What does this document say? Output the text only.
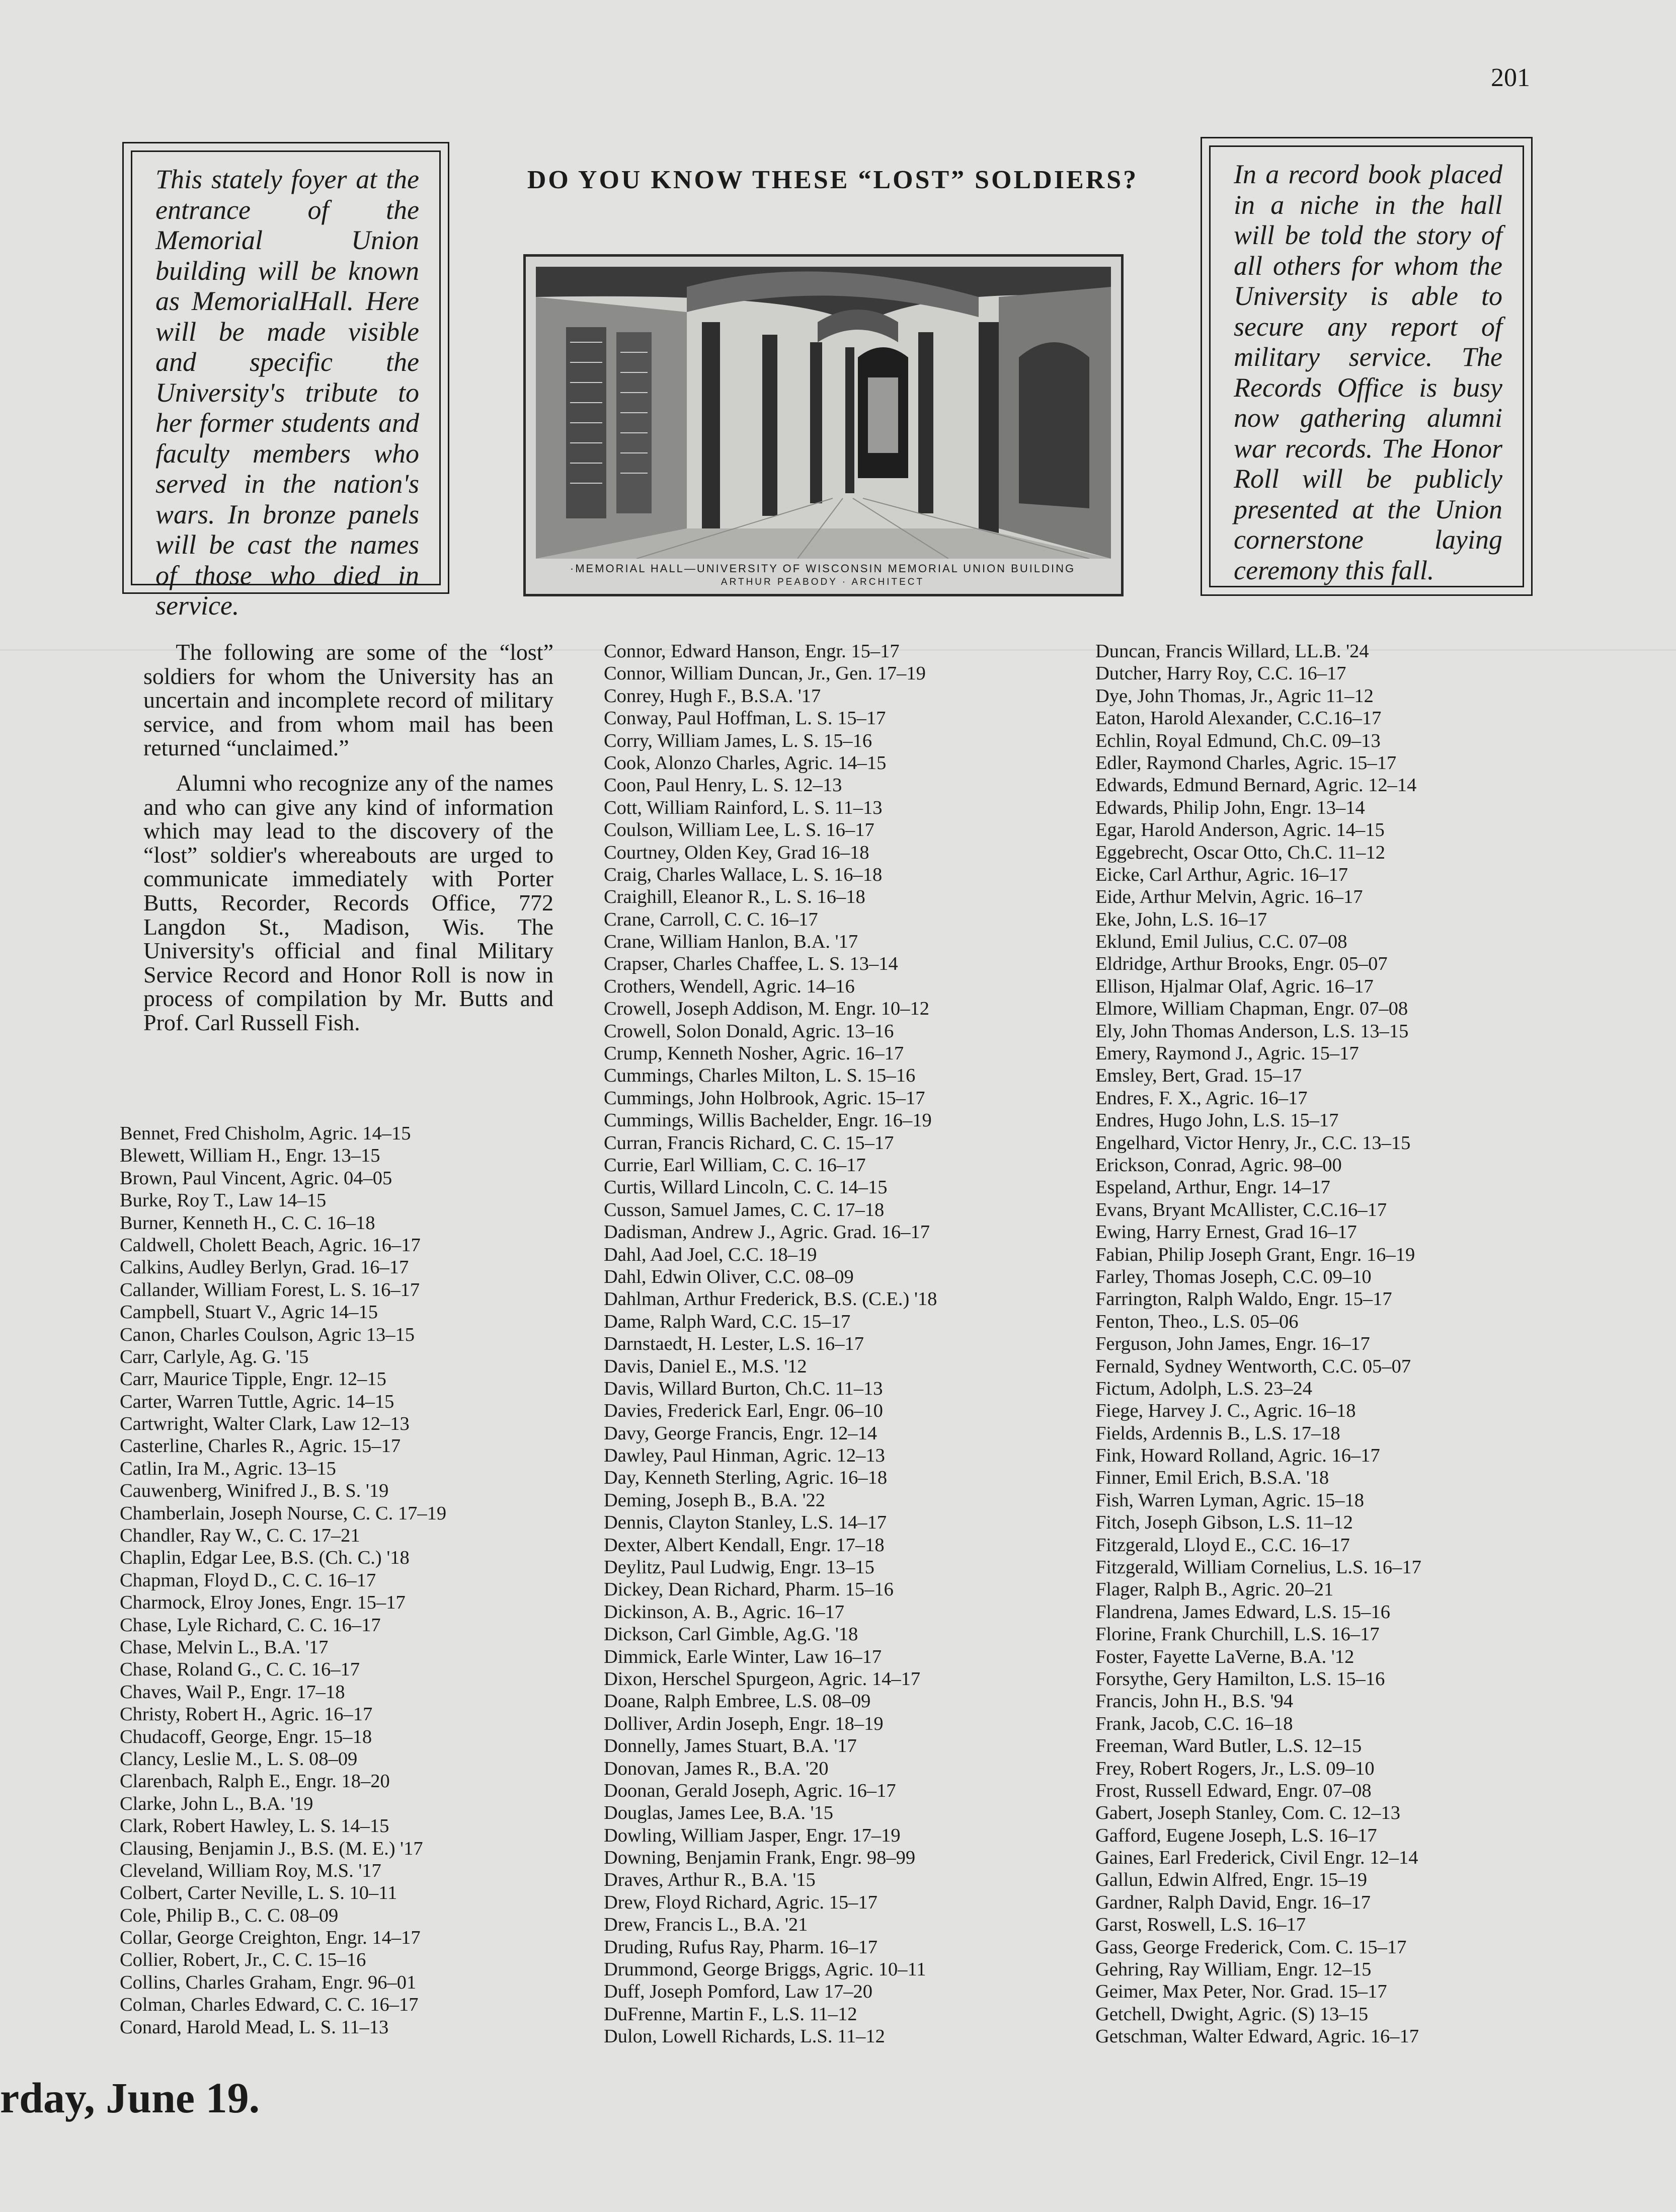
201
This stately foyer at the entrance of the Memorial Union building will be known as MemorialHall. Here will be made visible and specific the University's tribute to her former students and faculty members who served in the nation's wars. In bronze panels will be cast the names of those who died in service.
DO YOU KNOW THESE “LOST” SOLDIERS?
·MEMORIAL HALL—UNIVERSITY OF WISCONSIN MEMORIAL UNION BUILDING
ARTHUR PEABODY · ARCHITECT
In a record book placed in a niche in the hall will be told the story of all others for whom the University is able to secure any report of military service. The Records Office is busy now gathering alumni war records. The Honor Roll will be publicly presented at the Union cornerstone laying ceremony this fall.

The following are some of the “lost” soldiers for whom the University has an uncertain and incomplete record of military service, and from whom mail has been returned “unclaimed.”

Alumni who recognize any of the names and who can give any kind of information which may lead to the discovery of the “lost” soldier's whereabouts are urged to communicate immediately with Porter Butts, Recorder, Records Office, 772 Langdon St., Madison, Wis. The University's official and final Military Service Record and Honor Roll is now in process of compilation by Mr. Butts and Prof. Carl Russell Fish.

Bennet, Fred Chisholm, Agric. 14–15
Blewett, William H., Engr. 13–15
Brown, Paul Vincent, Agric. 04–05
Burke, Roy T., Law 14–15
Burner, Kenneth H., C. C. 16–18
Caldwell, Cholett Beach, Agric. 16–17
Calkins, Audley Berlyn, Grad. 16–17
Callander, William Forest, L. S. 16–17
Campbell, Stuart V., Agric 14–15
Canon, Charles Coulson, Agric 13–15
Carr, Carlyle, Ag. G. '15
Carr, Maurice Tipple, Engr. 12–15
Carter, Warren Tuttle, Agric. 14–15
Cartwright, Walter Clark, Law 12–13
Casterline, Charles R., Agric. 15–17
Catlin, Ira M., Agric. 13–15
Cauwenberg, Winifred J., B. S. '19
Chamberlain, Joseph Nourse, C. C. 17–19
Chandler, Ray W., C. C. 17–21
Chaplin, Edgar Lee, B.S. (Ch. C.) '18
Chapman, Floyd D., C. C. 16–17
Charmock, Elroy Jones, Engr. 15–17
Chase, Lyle Richard, C. C. 16–17
Chase, Melvin L., B.A. '17
Chase, Roland G., C. C. 16–17
Chaves, Wail P., Engr. 17–18
Christy, Robert H., Agric. 16–17
Chudacoff, George, Engr. 15–18
Clancy, Leslie M., L. S. 08–09
Clarenbach, Ralph E., Engr. 18–20
Clarke, John L., B.A. '19
Clark, Robert Hawley, L. S. 14–15
Clausing, Benjamin J., B.S. (M. E.) '17
Cleveland, William Roy, M.S. '17
Colbert, Carter Neville, L. S. 10–11
Cole, Philip B., C. C. 08–09
Collar, George Creighton, Engr. 14–17
Collier, Robert, Jr., C. C. 15–16
Collins, Charles Graham, Engr. 96–01
Colman, Charles Edward, C. C. 16–17
Conard, Harold Mead, L. S. 11–13
Connor, Edward Hanson, Engr. 15–17
Connor, William Duncan, Jr., Gen. 17–19
Conrey, Hugh F., B.S.A. '17
Conway, Paul Hoffman, L. S. 15–17
Corry, William James, L. S. 15–16
Cook, Alonzo Charles, Agric. 14–15
Coon, Paul Henry, L. S. 12–13
Cott, William Rainford, L. S. 11–13
Coulson, William Lee, L. S. 16–17
Courtney, Olden Key, Grad 16–18
Craig, Charles Wallace, L. S. 16–18
Craighill, Eleanor R., L. S. 16–18
Crane, Carroll, C. C. 16–17
Crane, William Hanlon, B.A. '17
Crapser, Charles Chaffee, L. S. 13–14
Crothers, Wendell, Agric. 14–16
Crowell, Joseph Addison, M. Engr. 10–12
Crowell, Solon Donald, Agric. 13–16
Crump, Kenneth Nosher, Agric. 16–17
Cummings, Charles Milton, L. S. 15–16
Cummings, John Holbrook, Agric. 15–17
Cummings, Willis Bachelder, Engr. 16–19
Curran, Francis Richard, C. C. 15–17
Currie, Earl William, C. C. 16–17
Curtis, Willard Lincoln, C. C. 14–15
Cusson, Samuel James, C. C. 17–18
Dadisman, Andrew J., Agric. Grad. 16–17
Dahl, Aad Joel, C.C. 18–19
Dahl, Edwin Oliver, C.C. 08–09
Dahlman, Arthur Frederick, B.S. (C.E.) '18
Dame, Ralph Ward, C.C. 15–17
Darnstaedt, H. Lester, L.S. 16–17
Davis, Daniel E., M.S. '12
Davis, Willard Burton, Ch.C. 11–13
Davies, Frederick Earl, Engr. 06–10
Davy, George Francis, Engr. 12–14
Dawley, Paul Hinman, Agric. 12–13
Day, Kenneth Sterling, Agric. 16–18
Deming, Joseph B., B.A. '22
Dennis, Clayton Stanley, L.S. 14–17
Dexter, Albert Kendall, Engr. 17–18
Deylitz, Paul Ludwig, Engr. 13–15
Dickey, Dean Richard, Pharm. 15–16
Dickinson, A. B., Agric. 16–17
Dickson, Carl Gimble, Ag.G. '18
Dimmick, Earle Winter, Law 16–17
Dixon, Herschel Spurgeon, Agric. 14–17
Doane, Ralph Embree, L.S. 08–09
Dolliver, Ardin Joseph, Engr. 18–19
Donnelly, James Stuart, B.A. '17
Donovan, James R., B.A. '20
Doonan, Gerald Joseph, Agric. 16–17
Douglas, James Lee, B.A. '15
Dowling, William Jasper, Engr. 17–19
Downing, Benjamin Frank, Engr. 98–99
Draves, Arthur R., B.A. '15
Drew, Floyd Richard, Agric. 15–17
Drew, Francis L., B.A. '21
Druding, Rufus Ray, Pharm. 16–17
Drummond, George Briggs, Agric. 10–11
Duff, Joseph Pomford, Law 17–20
DuFrenne, Martin F., L.S. 11–12
Dulon, Lowell Richards, L.S. 11–12
Duncan, Francis Willard, LL.B. '24
Dutcher, Harry Roy, C.C. 16–17
Dye, John Thomas, Jr., Agric 11–12
Eaton, Harold Alexander, C.C.16–17
Echlin, Royal Edmund, Ch.C. 09–13
Edler, Raymond Charles, Agric. 15–17
Edwards, Edmund Bernard, Agric. 12–14
Edwards, Philip John, Engr. 13–14
Egar, Harold Anderson, Agric. 14–15
Eggebrecht, Oscar Otto, Ch.C. 11–12
Eicke, Carl Arthur, Agric. 16–17
Eide, Arthur Melvin, Agric. 16–17
Eke, John, L.S. 16–17
Eklund, Emil Julius, C.C. 07–08
Eldridge, Arthur Brooks, Engr. 05–07
Ellison, Hjalmar Olaf, Agric. 16–17
Elmore, William Chapman, Engr. 07–08
Ely, John Thomas Anderson, L.S. 13–15
Emery, Raymond J., Agric. 15–17
Emsley, Bert, Grad. 15–17
Endres, F. X., Agric. 16–17
Endres, Hugo John, L.S. 15–17
Engelhard, Victor Henry, Jr., C.C. 13–15
Erickson, Conrad, Agric. 98–00
Espeland, Arthur, Engr. 14–17
Evans, Bryant McAllister, C.C.16–17
Ewing, Harry Ernest, Grad 16–17
Fabian, Philip Joseph Grant, Engr. 16–19
Farley, Thomas Joseph, C.C. 09–10
Farrington, Ralph Waldo, Engr. 15–17
Fenton, Theo., L.S. 05–06
Ferguson, John James, Engr. 16–17
Fernald, Sydney Wentworth, C.C. 05–07
Fictum, Adolph, L.S. 23–24
Fiege, Harvey J. C., Agric. 16–18
Fields, Ardennis B., L.S. 17–18
Fink, Howard Rolland, Agric. 16–17
Finner, Emil Erich, B.S.A. '18
Fish, Warren Lyman, Agric. 15–18
Fitch, Joseph Gibson, L.S. 11–12
Fitzgerald, Lloyd E., C.C. 16–17
Fitzgerald, William Cornelius, L.S. 16–17
Flager, Ralph B., Agric. 20–21
Flandrena, James Edward, L.S. 15–16
Florine, Frank Churchill, L.S. 16–17
Foster, Fayette LaVerne, B.A. '12
Forsythe, Gery Hamilton, L.S. 15–16
Francis, John H., B.S. '94
Frank, Jacob, C.C. 16–18
Freeman, Ward Butler, L.S. 12–15
Frey, Robert Rogers, Jr., L.S. 09–10
Frost, Russell Edward, Engr. 07–08
Gabert, Joseph Stanley, Com. C. 12–13
Gafford, Eugene Joseph, L.S. 16–17
Gaines, Earl Frederick, Civil Engr. 12–14
Gallun, Edwin Alfred, Engr. 15–19
Gardner, Ralph David, Engr. 16–17
Garst, Roswell, L.S. 16–17
Gass, George Frederick, Com. C. 15–17
Gehring, Ray William, Engr. 12–15
Geimer, Max Peter, Nor. Grad. 15–17
Getchell, Dwight, Agric. (S) 13–15
Getschman, Walter Edward, Agric. 16–17
rday, June 19.
